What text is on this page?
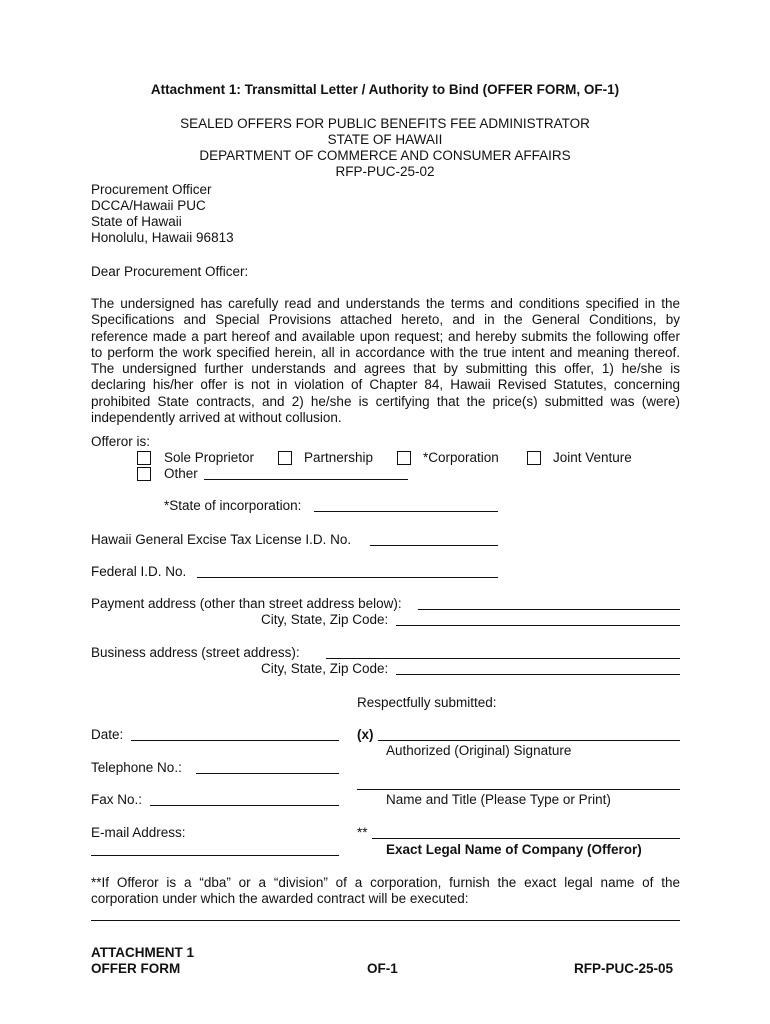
Attachment 1: Transmittal Letter / Authority to Bind (OFFER FORM, OF-1)
SEALED OFFERS FOR PUBLIC BENEFITS FEE ADMINISTRATOR
STATE OF HAWAII
DEPARTMENT OF COMMERCE AND CONSUMER AFFAIRS
RFP-PUC-25-02
Procurement Officer
DCCA/Hawaii PUC
State of Hawaii
Honolulu, Hawaii 96813
Dear Procurement Officer:
The undersigned has carefully read and understands the terms and conditions specified in the
Specifications and Special Provisions attached hereto, and in the General Conditions, by
reference made a part hereof and available upon request; and hereby submits the following offer
to perform the work specified herein, all in accordance with the true intent and meaning thereof.
The undersigned further understands and agrees that by submitting this offer, 1) he/she is
declaring his/her offer is not in violation of Chapter 84, Hawaii Revised Statutes, concerning
prohibited State contracts, and 2) he/she is certifying that the price(s) submitted was (were)
independently arrived at without collusion.
Offeror is:
Sole Proprietor	Partnership	*Corporation	Joint Venture
Other
*State of incorporation:
Hawaii General Excise Tax License I.D. No.
Federal I.D. No.
Payment address (other than street address below):
City, State, Zip Code:
Business address (street address):
City, State, Zip Code:
Respectfully submitted:
Date:	(x)
Authorized (Original) Signature
Telephone No.:
Name and Title (Please Type or Print)
Fax No.:
E-mail Address:	**
Exact Legal Name of Company (Offeror)
**If Offeror is a “dba” or a “division” of a corporation, furnish the exact legal name of the
corporation under which the awarded contract will be executed:
ATTACHMENT 1
OFFER FORM	OF-1	RFP-PUC-25-05
